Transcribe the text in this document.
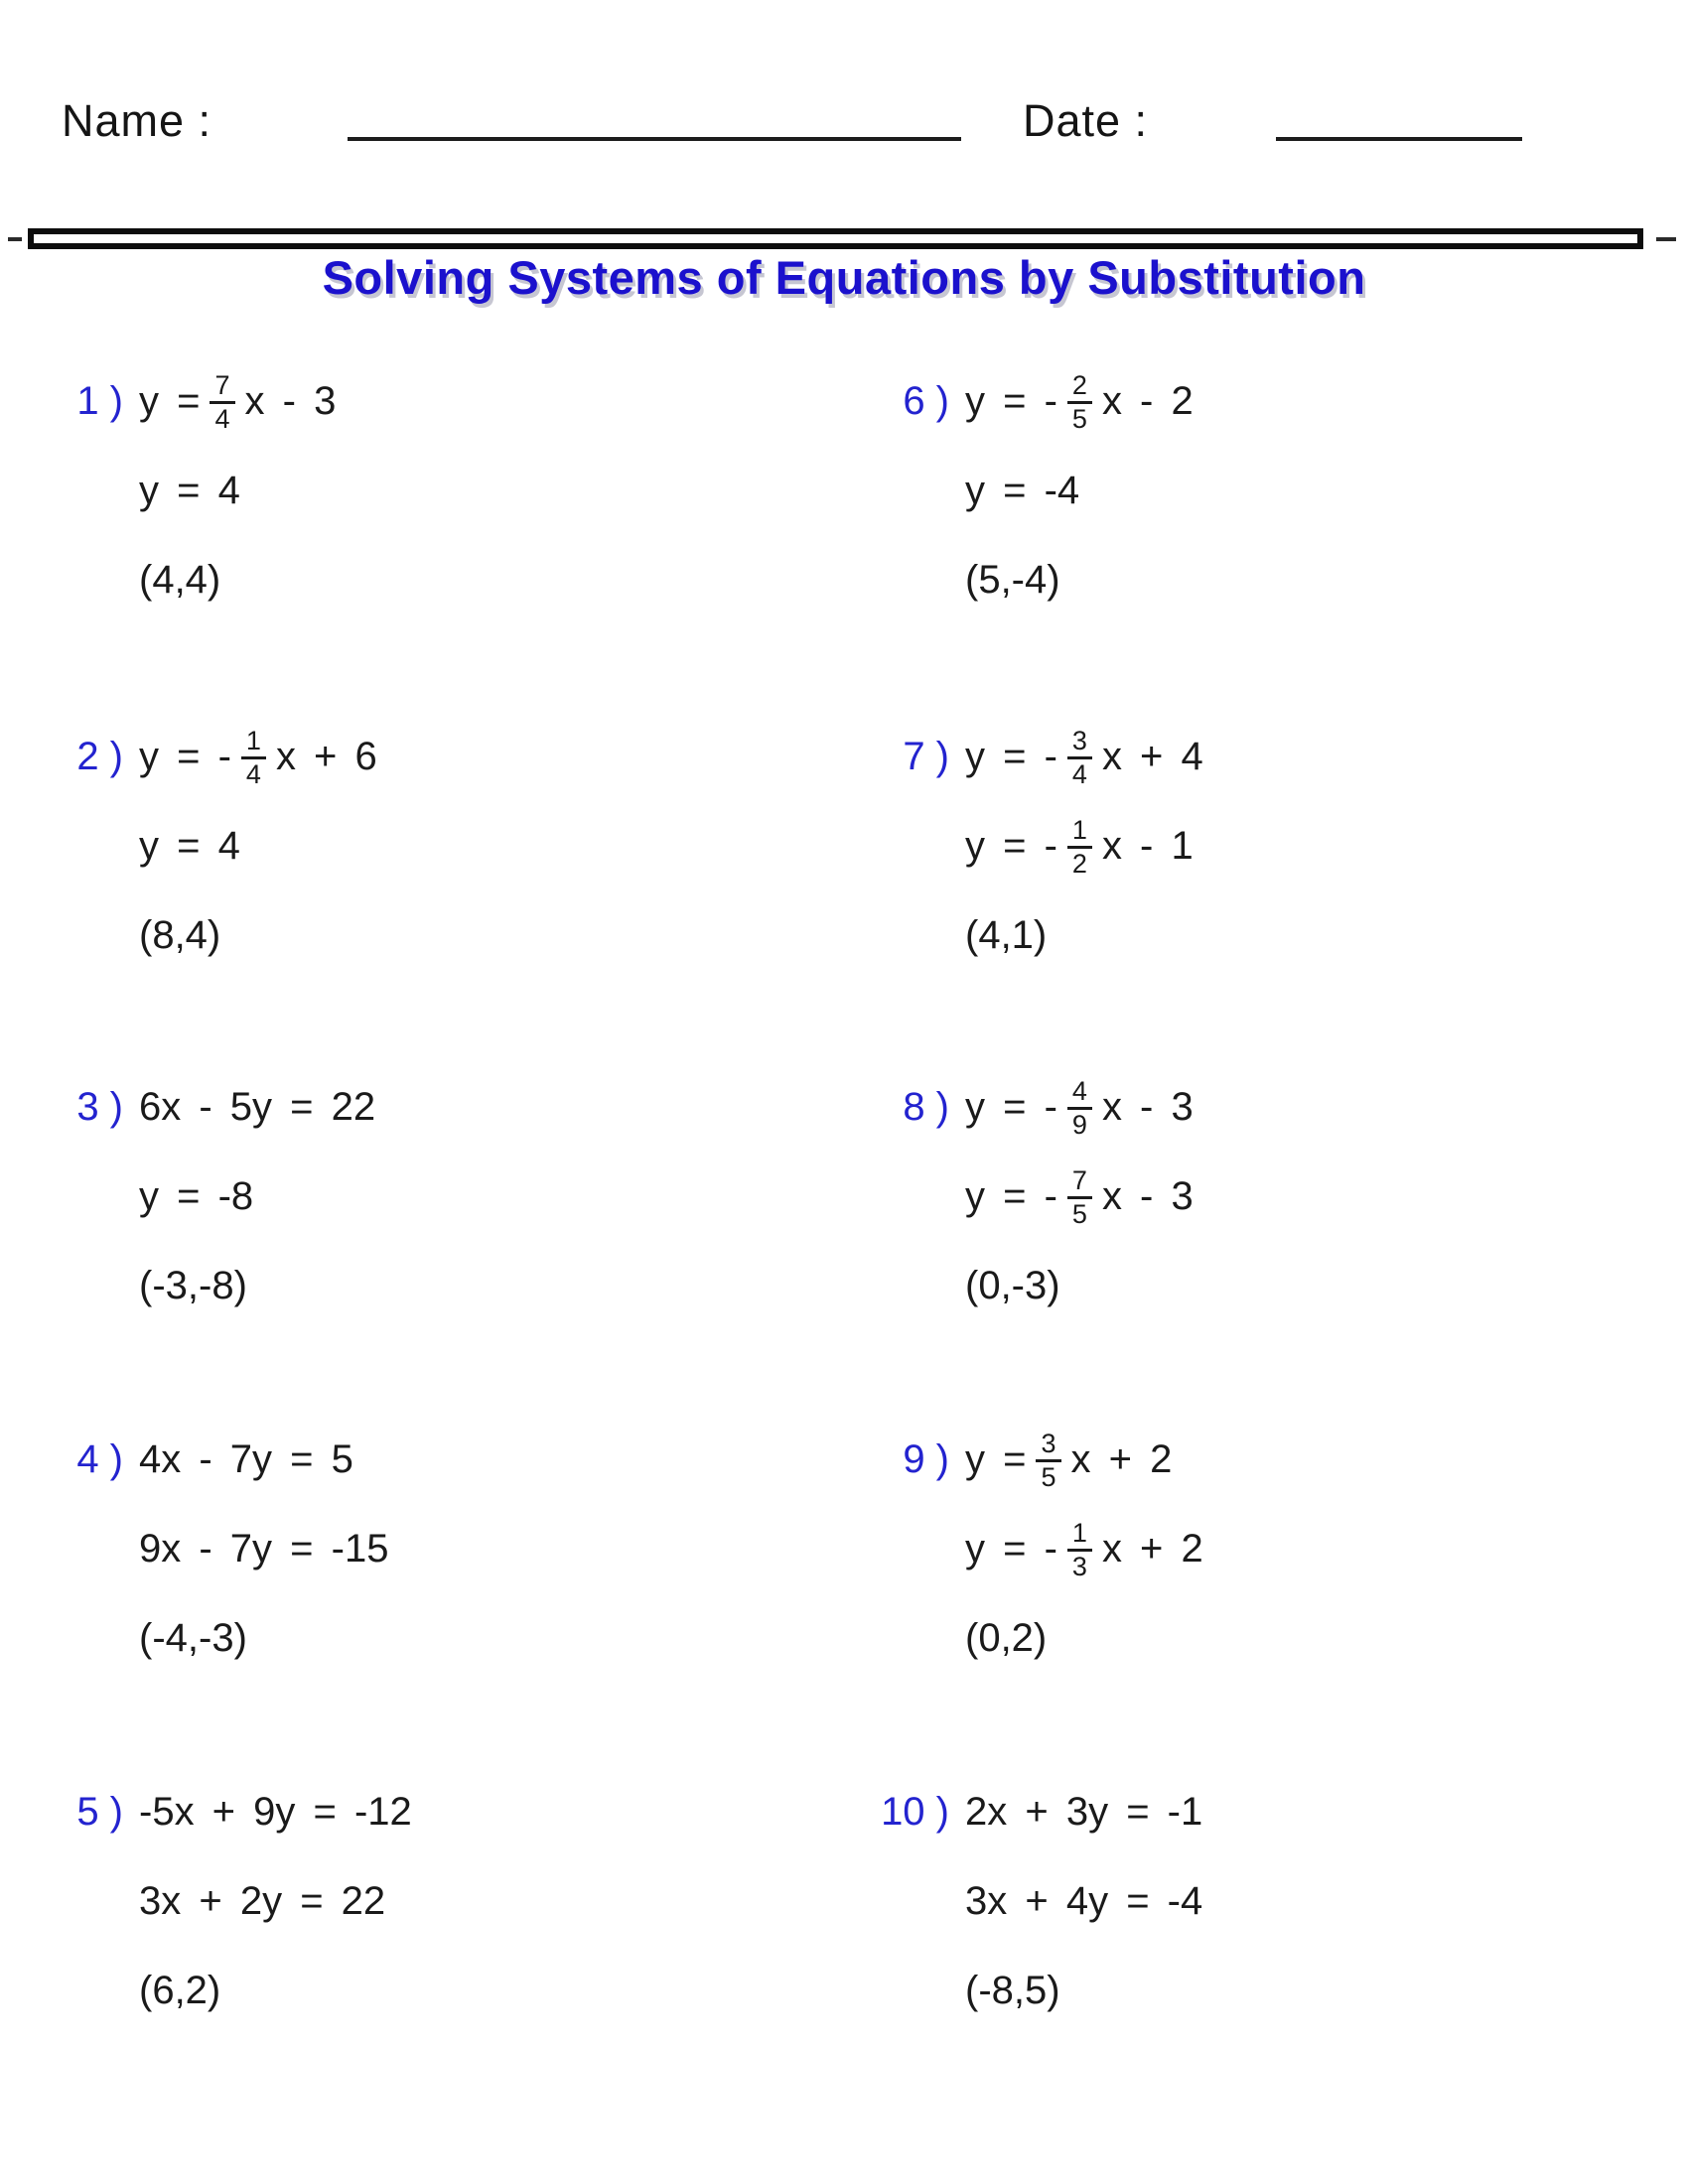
Name :	Date :
Solving Systems of Equations by Substitution
1 ) $y = \frac{7}{4}$ x - 3
y = 4
(4,4)
2 ) y = - $\frac{1}{4}$ x + 6
y = 4
(8,4)
3 ) 6x - 5y = 22
y = -8
(-3,-8)
4 ) 4x - 7y = 5
9x - 7y = -15
(-4,-3)
5 ) -5x + 9y = -12
3x + 2y = 22
(6,2)
6 ) y = - $\frac{2}{5}$ x - 2
y = -4
(5,-4)
7 ) y = - $\frac{3}{4}$ x + 4
y = - $\frac{1}{2}$ x - 1
(4,1)
8 ) y = - $\frac{4}{9}$ x - 3
y = - $\frac{7}{5}$ x - 3
(0,-3)
9 ) $y = \frac{3}{5}$ x + 2
y = - $\frac{1}{3}$ x + 2
(0,2)
10 ) 2x + 3y = -1
3x + 4y = -4
(-8,5)
